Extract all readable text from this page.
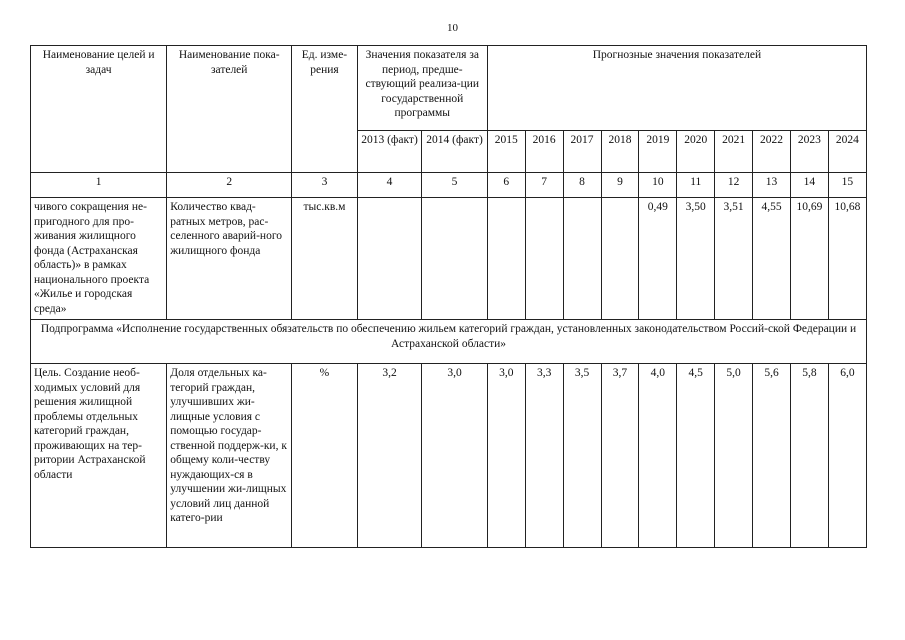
10
Наименование целей и задач	Наименование пока-зателей	Ед. изме-рения	Значения показателя за период, предше-ствующий реализа-ции государственной программы		Прогнозные значения показателей									
			2013 (факт)	2014 (факт)	2015	2016	2017	2018	2019	2020	2021	2022	2023	2024
1	2	3	4	5	6	7	8	9	10	11	12	13	14	15
чивого сокращения не-пригодного для про-живания жилищного фонда (Астраханская область)» в рамках национального проекта «Жилье и городская среда»	Количество квад-ратных метров, рас-селенного аварий-ного жилищного фонда	тыс.кв.м							0,49	3,50	3,51	4,55	10,69	10,68
Подпрограмма «Исполнение государственных обязательств по обеспечению жильем категорий граждан, установленных законодательством Россий-ской Федерации и Астраханской области»														
Цель. Создание необ-ходимых условий для решения жилищной проблемы отдельных категорий граждан, проживающих на тер-ритории Астраханской области	Доля отдельных ка-тегорий граждан, улучшивших жи-лищные условия с помощью государ-ственной поддерж-ки, к общему коли-честву нуждающих-ся в улучшении жи-лищных условий лиц данной катего-рии	%	3,2	3,0	3,0	3,3	3,5	3,7	4,0	4,5	5,0	5,6	5,8	6,0
